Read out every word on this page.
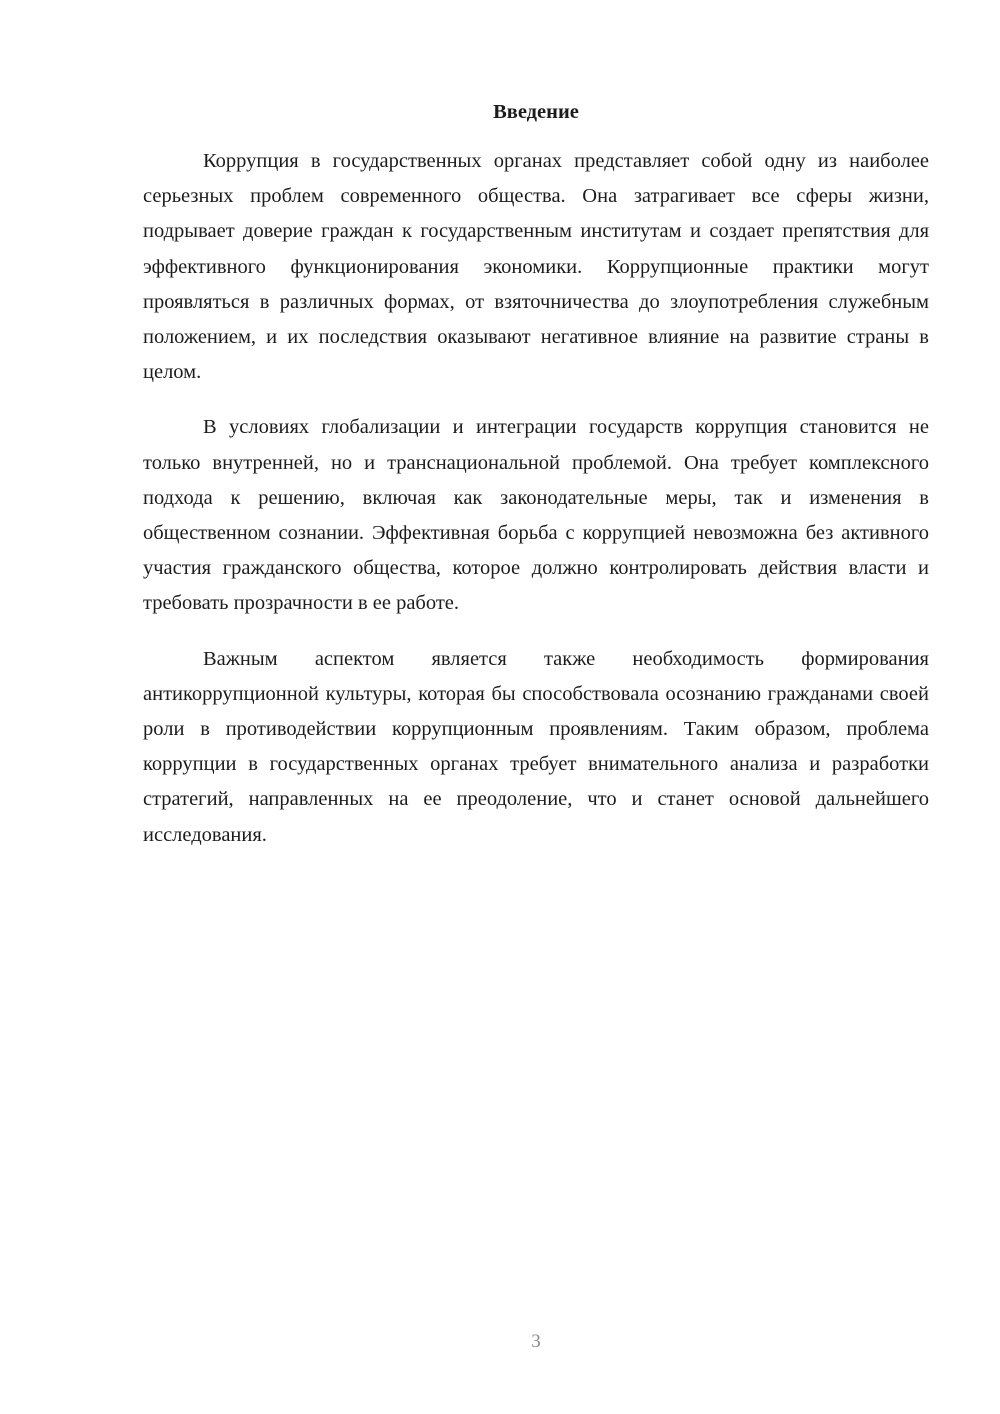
Введение

Коррупция в государственных органах представляет собой одну из наиболее серьезных проблем современного общества. Она затрагивает все сферы жизни, подрывает доверие граждан к государственным институтам и создает препятствия для эффективного функционирования экономики. Коррупционные практики могут проявляться в различных формах, от взяточничества до злоупотребления служебным положением, и их последствия оказывают негативное влияние на развитие страны в целом.

В условиях глобализации и интеграции государств коррупция становится не только внутренней, но и транснациональной проблемой. Она требует комплексного подхода к решению, включая как законодательные меры, так и изменения в общественном сознании. Эффективная борьба с коррупцией невозможна без активного участия гражданского общества, которое должно контролировать действия власти и требовать прозрачности в ее работе.

Важным аспектом является также необходимость формирования антикоррупционной культуры, которая бы способствовала осознанию гражданами своей роли в противодействии коррупционным проявлениям. Таким образом, проблема коррупции в государственных органах требует внимательного анализа и разработки стратегий, направленных на ее преодоление, что и станет основой дальнейшего исследования.

3
